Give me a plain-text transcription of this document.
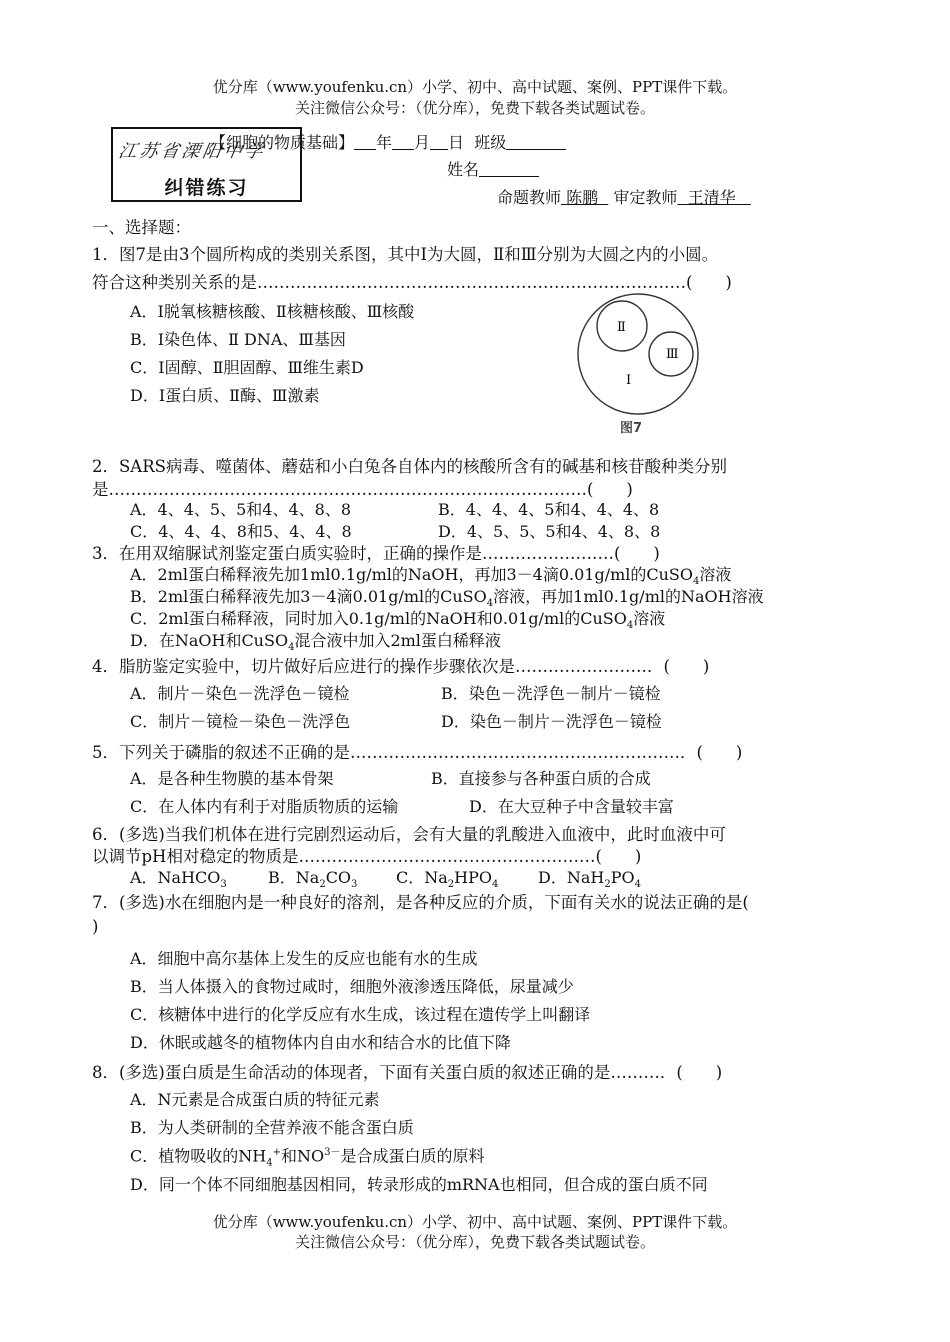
优分库（www.youfenku.cn）小学、初中、高中试题、案例、PPT课件下载。
关注微信公众号：（优分库），免费下载各类试题试卷。
江苏省溧阳中学
纠错练习
【细胞的物质基础】 年 月 日 班级
姓名
命题教师 陈鹏 审定教师 王清华
一、选择题：
1．图7是由3个圆所构成的类别关系图，其中Ⅰ为大圆，Ⅱ和Ⅲ分别为大圆之内的小圆。
符合这种类别关系的是……………………………………………………………………(　　)
A．Ⅰ脱氧核糖核酸、Ⅱ核糖核酸、Ⅲ核酸
B．Ⅰ染色体、Ⅱ DNA、Ⅲ基因
C．Ⅰ固醇、Ⅱ胆固醇、Ⅲ维生素D
D．Ⅰ蛋白质、Ⅱ酶、Ⅲ激素
Ⅱ
Ⅲ
Ⅰ
图7
2．SARS病毒、噬菌体、蘑菇和小白兔各自体内的核酸所含有的碱基和核苷酸种类分别
是……………………………………………………………………………(　　)
A．4、4、5、5和4、4、8、8	B．4、4、4、5和4、4、4、8
C．4、4、4、8和5、4、4、8	D．4、5、5、5和4、4、8、8
3．在用双缩脲试剂鉴定蛋白质实验时，正确的操作是……………………(　　)
A．2ml蛋白稀释液先加1ml0.1g/ml的NaOH，再加3－4滴0.01g/ml的CuSO$_4$溶液
B．2ml蛋白稀释液先加3－4滴0.01g/ml的CuSO$_4$溶液，再加1ml0.1g/ml的NaOH溶液
C．2ml蛋白稀释液，同时加入0.1g/ml的NaOH和0.01g/ml的CuSO$_4$溶液
D．在NaOH和CuSO$_4$混合液中加入2ml蛋白稀释液
4．脂肪鉴定实验中，切片做好后应进行的操作步骤依次是……………………．(　　)
A．制片－染色－洗浮色－镜检	B．染色－洗浮色－制片－镜检
C．制片－镜检－染色－洗浮色	D．染色－制片－洗浮色－镜检
5．下列关于磷脂的叙述不正确的是……………………………………………………．(　　)
A．是各种生物膜的基本骨架	B．直接参与各种蛋白质的合成
C．在人体内有利于对脂质物质的运输	D．在大豆种子中含量较丰富
6．(多选)当我们机体在进行完剧烈运动后，会有大量的乳酸进入血液中，此时血液中可
以调节pH相对稳定的物质是………………………………………………(　　)
A．NaHCO$_3$	B．$Na_2CO_3$ C．$Na_2HPO_4$ D．$NaH_2PO_4$
7．(多选)水在细胞内是一种良好的溶剂，是各种反应的介质，下面有关水的说法正确的是(
)
A．细胞中高尔基体上发生的反应也能有水的生成
B．当人体摄入的食物过咸时，细胞外液渗透压降低，尿量减少
C．核糖体中进行的化学反应有水生成，该过程在遗传学上叫翻译
D．休眠或越冬的植物体内自由水和结合水的比值下降
8．(多选)蛋白质是生命活动的体现者，下面有关蛋白质的叙述正确的是………．(　　)
A．N元素是合成蛋白质的特征元素
B．为人类研制的全营养液不能含蛋白质
C．植物吸收的$NH_4^+$和$NO^{3-}$是合成蛋白质的原料
D．同一个体不同细胞基因相同，转录形成的mRNA也相同，但合成的蛋白质不同
优分库（www.youfenku.cn）小学、初中、高中试题、案例、PPT课件下载。
关注微信公众号：（优分库），免费下载各类试题试卷。
